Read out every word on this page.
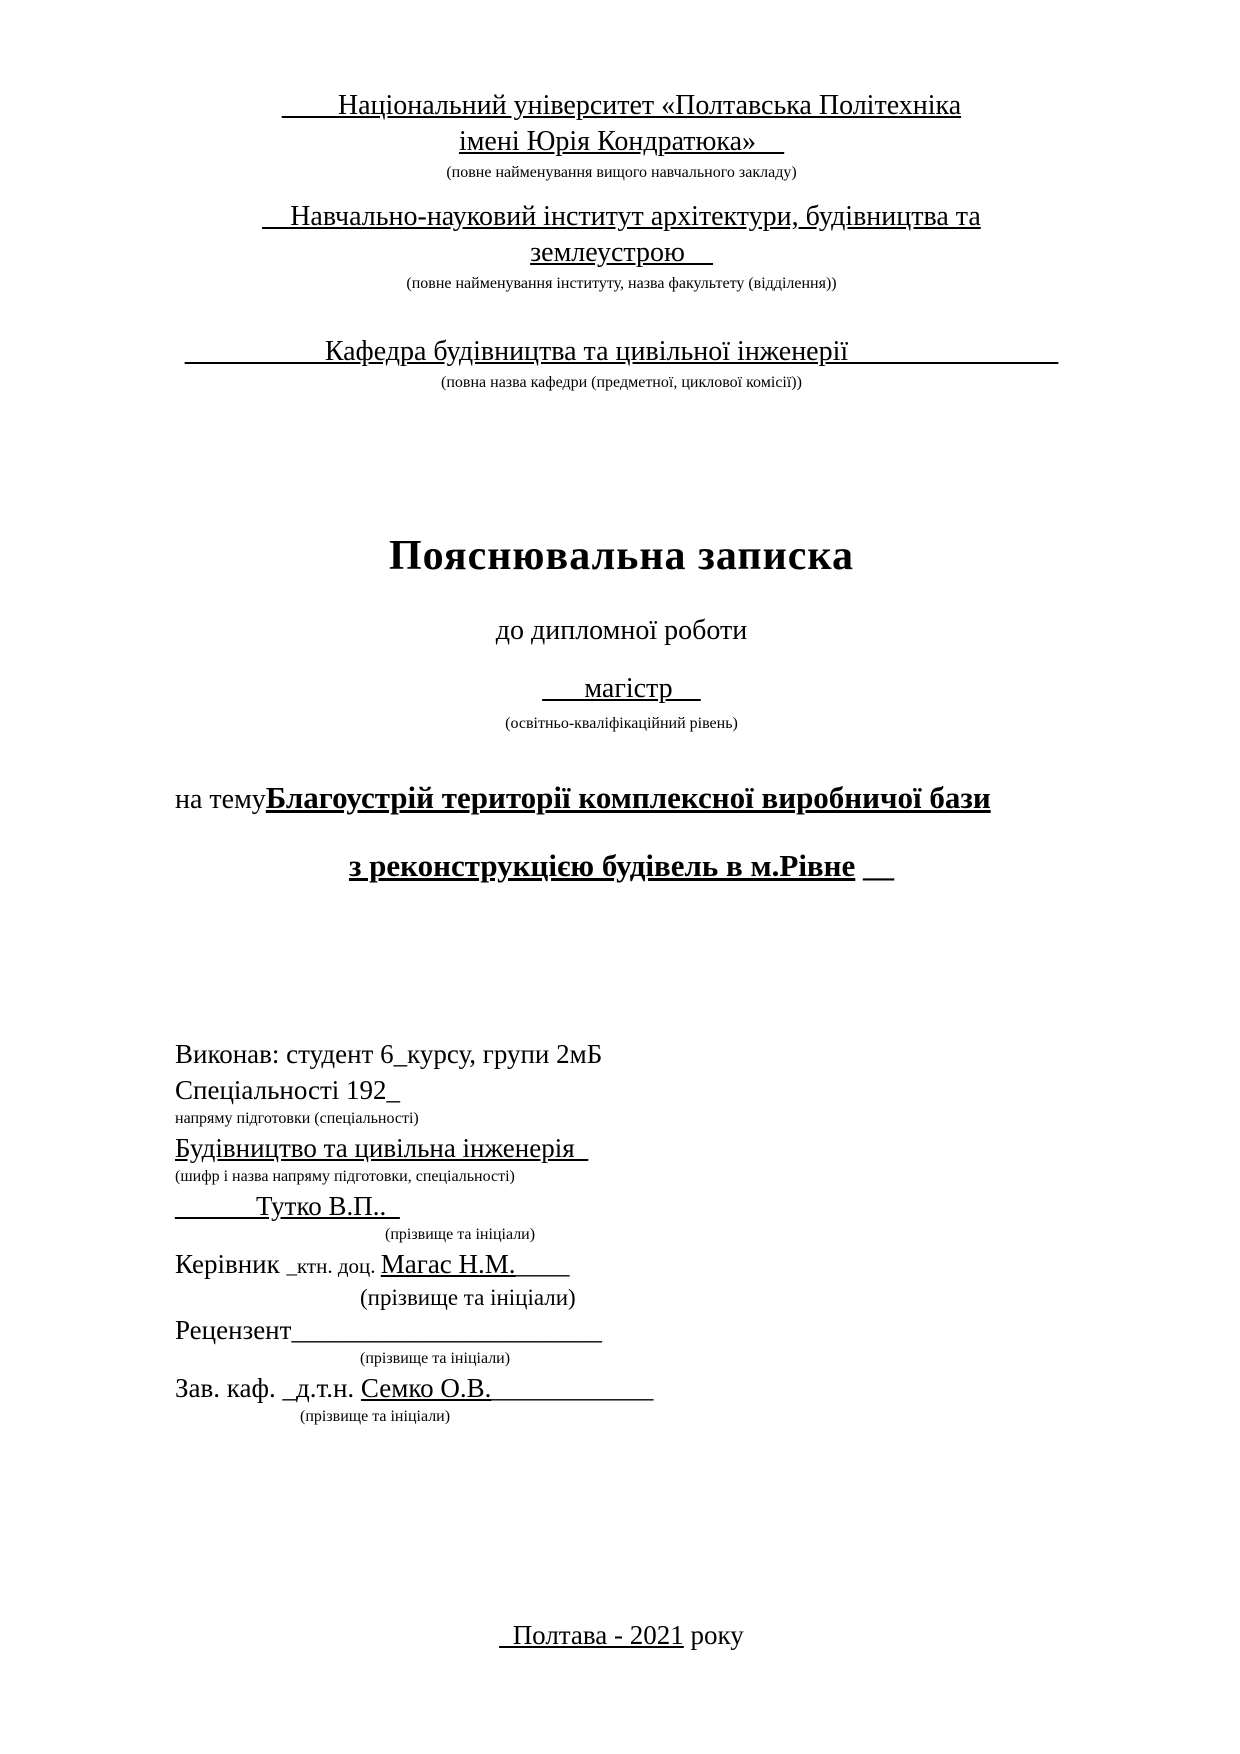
____Національний університет «Полтавська Політехніка
імені Юрія Кондратюка»__
(повне найменування вищого навчального закладу)
__Навчально-науковий інститут архітектури, будівництва та землеустрою__
(повне найменування інституту, назва факультету (відділення))
__________Кафедра будівництва та цивільної інженерії_______________
(повна назва кафедри (предметної, циклової комісії))
Пояснювальна записка
до дипломної роботи
___магістр__
(освітньо-кваліфікаційний рівень)
на темуБлагоустрій території комплексної виробничої бази
з реконструкцією будівель в м.Рівне __
Виконав: студент 6_курсу, групи 2мБ
Спеціальності 192_
напряму підготовки (спеціальності)
Будівництво та цивільна інженерія_
(шифр і назва напряму підготовки, спеціальності)
______Тутко В.П.._
(прізвище та ініціали)
Керівник _ктн. доц. Магас Н.М.____
(прізвище та ініціали)
Рецензент_______________________
(прізвище та ініціали)
Зав. каф. _д.т.н. Семко О.В.____________
(прізвище та ініціали)
_Полтава - 2021 року
